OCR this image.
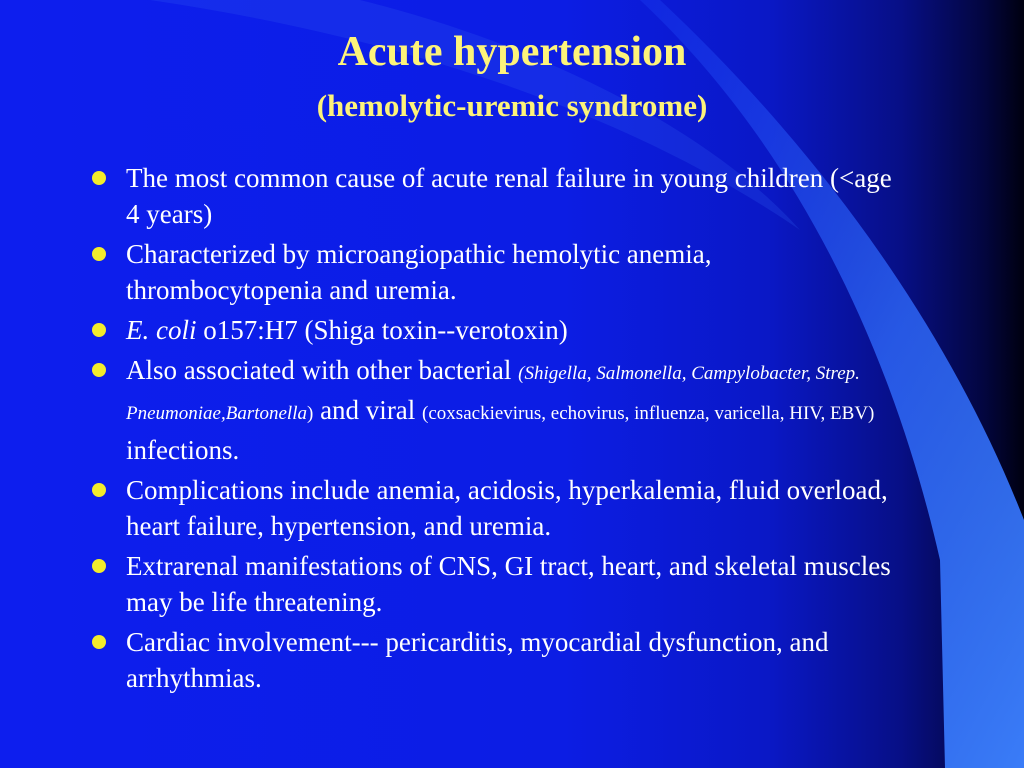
Acute hypertension
(hemolytic-uremic syndrome)
The most common cause of acute renal failure in young children (<age 4 years)
Characterized by microangiopathic hemolytic anemia, thrombocytopenia and uremia.
E. coli o157:H7 (Shiga toxin--verotoxin)
Also associated with other bacterial (Shigella, Salmonella, Campylobacter, Strep. Pneumoniae,Bartonella) and viral (coxsackievirus, echovirus, influenza, varicella, HIV, EBV) infections.
Complications include anemia, acidosis, hyperkalemia, fluid overload, heart failure, hypertension, and uremia.
Extrarenal manifestations of CNS, GI tract, heart, and skeletal muscles may be life threatening.
Cardiac involvement--- pericarditis, myocardial dysfunction, and arrhythmias.
